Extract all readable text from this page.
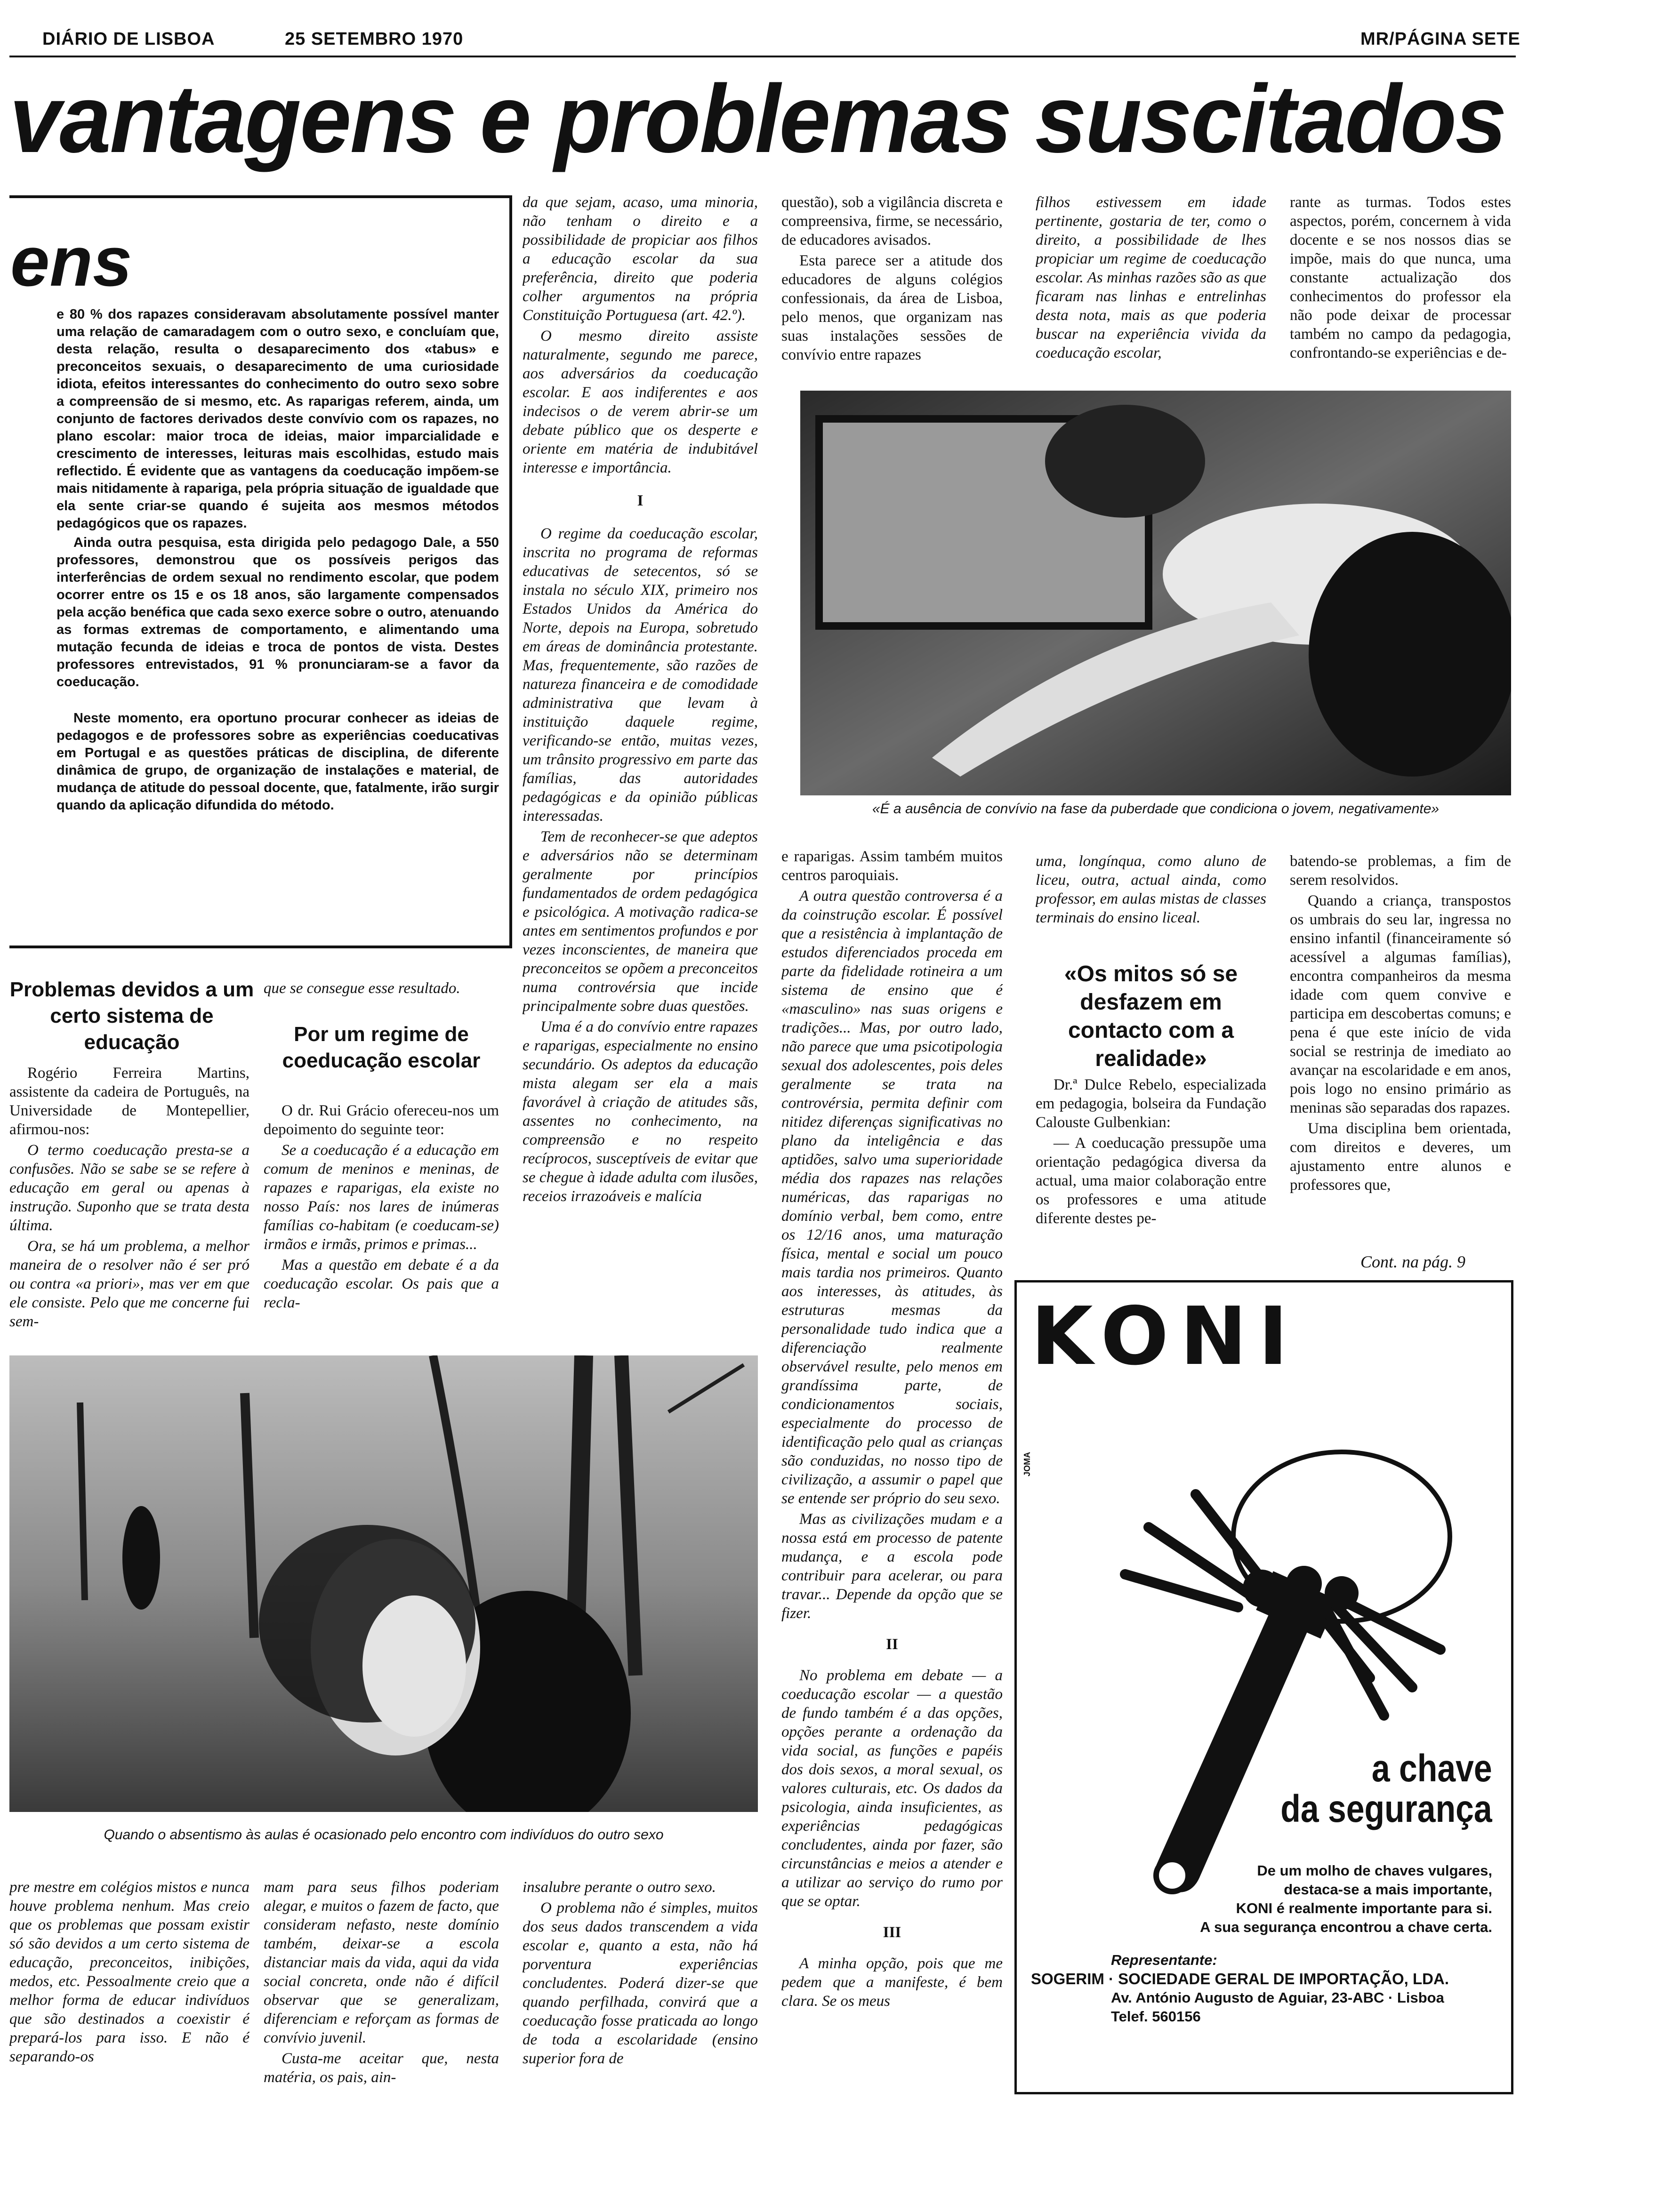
DIÁRIO DE LISBOA	25 SETEMBRO 1970	MR/PÁGINA SETE
vantagens e problemas suscitados
ens

e 80 % dos rapazes consideravam absolutamente possível manter uma relação de camaradagem com o outro sexo, e concluíam que, desta relação, resulta o desaparecimento dos «tabus» e preconceitos sexuais, o desaparecimento de uma curiosidade idiota, efeitos interessantes do conhecimento do outro sexo sobre a compreensão de si mesmo, etc. As raparigas referem, ainda, um conjunto de factores derivados deste convívio com os rapazes, no plano escolar: maior troca de ideias, maior imparcialidade e crescimento de interesses, leituras mais escolhidas, estudo mais reflectido. É evidente que as vantagens da coeducação impõem-se mais nitidamente à rapariga, pela própria situação de igualdade que ela sente criar-se quando é sujeita aos mesmos métodos pedagógicos que os rapazes.

Ainda outra pesquisa, esta dirigida pelo pedagogo Dale, a 550 professores, demonstrou que os possíveis perigos das interferências de ordem sexual no rendimento escolar, que podem ocorrer entre os 15 e os 18 anos, são largamente compensados pela acção benéfica que cada sexo exerce sobre o outro, atenuando as formas extremas de comportamento, e alimentando uma mutação fecunda de ideias e troca de pontos de vista. Destes professores entrevistados, 91 % pronunciaram-se a favor da coeducação.

Neste momento, era oportuno procurar conhecer as ideias de pedagogos e de professores sobre as experiências coeducativas em Portugal e as questões práticas de disciplina, de diferente dinâmica de grupo, de organização de instalações e material, de mudança de atitude do pessoal docente, que, fatalmente, irão surgir quando da aplicação difundida do método.

da que sejam, acaso, uma minoria, não tenham o direito e a possibilidade de propiciar aos filhos a educação escolar da sua preferência, direito que poderia colher argumentos na própria Constituição Portuguesa (art. 42.º).

O mesmo direito assiste naturalmente, segundo me parece, aos adversários da coeducação escolar. E aos indiferentes e aos indecisos o de verem abrir-se um debate público que os desperte e oriente em matéria de indubitável interesse e importância.

I

O regime da coeducação escolar, inscrita no programa de reformas educativas de setecentos, só se instala no século XIX, primeiro nos Estados Unidos da América do Norte, depois na Europa, sobretudo em áreas de dominância protestante. Mas, frequentemente, são razões de natureza financeira e de comodidade administrativa que levam à instituição daquele regime, verificando-se então, muitas vezes, um trânsito progressivo em parte das famílias, das autoridades pedagógicas e da opinião públicas interessadas.

Tem de reconhecer-se que adeptos e adversários não se determinam geralmente por princípios fundamentados de ordem pedagógica e psicológica. A motivação radica-se antes em sentimentos profundos e por vezes inconscientes, de maneira que preconceitos se opõem a preconceitos numa controvérsia que incide principalmente sobre duas questões.

Uma é a do convívio entre rapazes e raparigas, especialmente no ensino secundário. Os adeptos da educação mista alegam ser ela a mais favorável à criação de atitudes sãs, assentes no conhecimento, na compreensão e no respeito recíprocos, susceptíveis de evitar que se chegue à idade adulta com ilusões, receios irrazoáveis e malícia

questão), sob a vigilância discreta e compreensiva, firme, se necessário, de educadores avisados.

Esta parece ser a atitude dos educadores de alguns colégios confessionais, da área de Lisboa, pelo menos, que organizam nas suas instalações sessões de convívio entre rapazes

filhos estivessem em idade pertinente, gostaria de ter, como o direito, a possibilidade de lhes propiciar um regime de coeducação escolar. As minhas razões são as que ficaram nas linhas e entrelinhas desta nota, mais as que poderia buscar na experiência vivida da coeducação escolar,

rante as turmas. Todos estes aspectos, porém, concernem à vida docente e se nos nossos dias se impõe, mais do que nunca, uma constante actualização dos conhecimentos do professor ela não pode deixar de processar também no campo da pedagogia, confrontando-se experiências e de-

«É a ausência de convívio na fase da puberdade que condiciona o jovem, negativamente»
Problemas devidos a um certo sistema de educação

Rogério Ferreira Martins, assistente da cadeira de Português, na Universidade de Montepellier, afirmou-nos:

O termo coeducação presta-se a confusões. Não se sabe se se refere à educação em geral ou apenas à instrução. Suponho que se trata desta última.

Ora, se há um problema, a melhor maneira de o resolver não é ser pró ou contra «a priori», mas ver em que ele consiste. Pelo que me concerne fui sem-

que se consegue esse resultado.

Por um regime de coeducação escolar

O dr. Rui Grácio ofereceu-nos um depoimento do seguinte teor:

Se a coeducação é a educação em comum de meninos e meninas, de rapazes e raparigas, ela existe no nosso País: nos lares de inúmeras famílias co-habitam (e coeducam-se) irmãos e irmãs, primos e primas...

Mas a questão em debate é a da coeducação escolar. Os pais que a recla-

Quando o absentismo às aulas é ocasionado pelo encontro com indivíduos do outro sexo

pre mestre em colégios mistos e nunca houve problema nenhum. Mas creio que os problemas que possam existir só são devidos a um certo sistema de educação, preconceitos, inibições, medos, etc. Pessoalmente creio que a melhor forma de educar indivíduos que são destinados a coexistir é prepará-los para isso. E não é separando-os

mam para seus filhos poderiam alegar, e muitos o fazem de facto, que consideram nefasto, neste domínio também, deixar-se a escola distanciar mais da vida, aqui da vida social concreta, onde não é difícil observar que se generalizam, diferenciam e reforçam as formas de convívio juvenil.

Custa-me aceitar que, nesta matéria, os pais, ain-

insalubre perante o outro sexo.

O problema não é simples, muitos dos seus dados transcendem a vida escolar e, quanto a esta, não há porventura experiências concludentes. Poderá dizer-se que quando perfilhada, convirá que a coeducação fosse praticada ao longo de toda a escolaridade (ensino superior fora de

e raparigas. Assim também muitos centros paroquiais.

A outra questão controversa é a da coinstrução escolar. É possível que a resistência à implantação de estudos diferenciados proceda em parte da fidelidade rotineira a um sistema de ensino que é «masculino» nas suas origens e tradições... Mas, por outro lado, não parece que uma psicotipologia sexual dos adolescentes, pois deles geralmente se trata na controvérsia, permita definir com nitidez diferenças significativas no plano da inteligência e das aptidões, salvo uma superioridade média dos rapazes nas relações numéricas, das raparigas no domínio verbal, bem como, entre os 12/16 anos, uma maturação física, mental e social um pouco mais tardia nos primeiros. Quanto aos interesses, às atitudes, às estruturas mesmas da personalidade tudo indica que a diferenciação realmente observável resulte, pelo menos em grandíssima parte, de condicionamentos sociais, especialmente do processo de identificação pelo qual as crianças são conduzidas, no nosso tipo de civilização, a assumir o papel que se entende ser próprio do seu sexo.

Mas as civilizações mudam e a nossa está em processo de patente mudança, e a escola pode contribuir para acelerar, ou para travar... Depende da opção que se fizer.

II

No problema em debate — a coeducação escolar — a questão de fundo também é a das opções, opções perante a ordenação da vida social, as funções e papéis dos dois sexos, a moral sexual, os valores culturais, etc. Os dados da psicologia, ainda insuficientes, as experiências pedagógicas concludentes, ainda por fazer, são circunstâncias e meios a atender e a utilizar ao serviço do rumo por que se optar.

III

A minha opção, pois que me pedem que a manifeste, é bem clara. Se os meus

uma, longínqua, como aluno de liceu, outra, actual ainda, como professor, em aulas mistas de classes terminais do ensino liceal.

«Os mitos só se desfazem em contacto com a realidade»

Dr.ª Dulce Rebelo, especializada em pedagogia, bolseira da Fundação Calouste Gulbenkian:

— A coeducação pressupõe uma orientação pedagógica diversa da actual, uma maior colaboração entre os professores e uma atitude diferente destes pe-

batendo-se problemas, a fim de serem resolvidos.

Quando a criança, transpostos os umbrais do seu lar, ingressa no ensino infantil (financeiramente só acessível a algumas famílias), encontra companheiros da mesma idade com quem convive e participa em descobertas comuns; e pena é que este início de vida social se restrinja de imediato ao avançar na escolaridade e em anos, pois logo no ensino primário as meninas são separadas dos rapazes.

Uma disciplina bem orientada, com direitos e deveres, um ajustamento entre alunos e professores que,

Cont. na pág. 9
KONI
JOMA
a chave
da segurança
De um molho de chaves vulgares,
destaca-se a mais importante,
KONI é realmente importante para si.
A sua segurança encontrou a chave certa.
Representante:
SOGERIM · SOCIEDADE GERAL DE IMPORTAÇÃO, LDA.
Av. António Augusto de Aguiar, 23-ABC · Lisboa
Telef. 560156
